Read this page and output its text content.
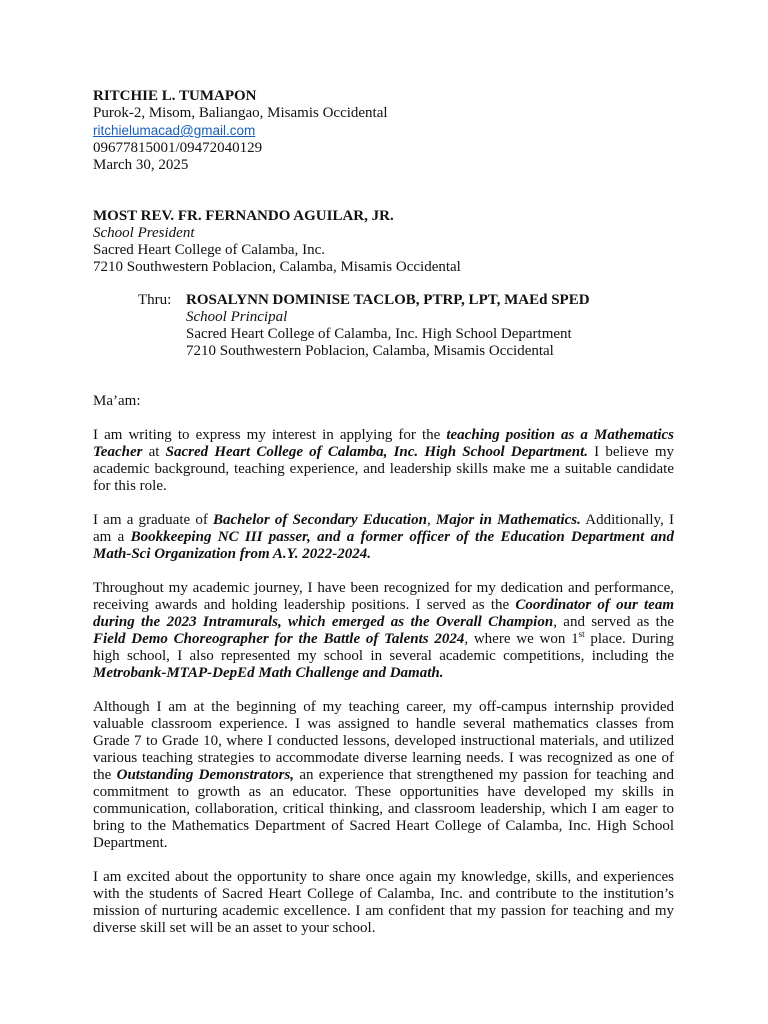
RITCHIE L. TUMAPON
Purok-2, Misom, Baliangao, Misamis Occidental
ritchielumacad@gmail.com
09677815001/09472040129
March 30, 2025
MOST REV. FR. FERNANDO AGUILAR, JR.
School President
Sacred Heart College of Calamba, Inc.
7210 Southwestern Poblacion, Calamba, Misamis Occidental
Thru: ROSALYNN DOMINISE TACLOB, PTRP, LPT, MAEd SPED
School Principal
Sacred Heart College of Calamba, Inc. High School Department
7210 Southwestern Poblacion, Calamba, Misamis Occidental
Ma’am:

I am writing to express my interest in applying for the teaching position as a Mathematics Teacher at Sacred Heart College of Calamba, Inc. High School Department. I believe my academic background, teaching experience, and leadership skills make me a suitable candidate for this role.

I am a graduate of Bachelor of Secondary Education, Major in Mathematics. Additionally, I am a Bookkeeping NC III passer, and a former officer of the Education Department and Math-Sci Organization from A.Y. 2022-2024.

Throughout my academic journey, I have been recognized for my dedication and performance, receiving awards and holding leadership positions. I served as the Coordinator of our team during the 2023 Intramurals, which emerged as the Overall Champion, and served as the Field Demo Choreographer for the Battle of Talents 2024, where we won 1st place. During high school, I also represented my school in several academic competitions, including the Metrobank-MTAP-DepEd Math Challenge and Damath.

Although I am at the beginning of my teaching career, my off-campus internship provided valuable classroom experience. I was assigned to handle several mathematics classes from Grade 7 to Grade 10, where I conducted lessons, developed instructional materials, and utilized various teaching strategies to accommodate diverse learning needs. I was recognized as one of the Outstanding Demonstrators, an experience that strengthened my passion for teaching and commitment to growth as an educator. These opportunities have developed my skills in communication, collaboration, critical thinking, and classroom leadership, which I am eager to bring to the Mathematics Department of Sacred Heart College of Calamba, Inc. High School Department.

I am excited about the opportunity to share once again my knowledge, skills, and experiences with the students of Sacred Heart College of Calamba, Inc. and contribute to the institution’s mission of nurturing academic excellence. I am confident that my passion for teaching and my diverse skill set will be an asset to your school.
